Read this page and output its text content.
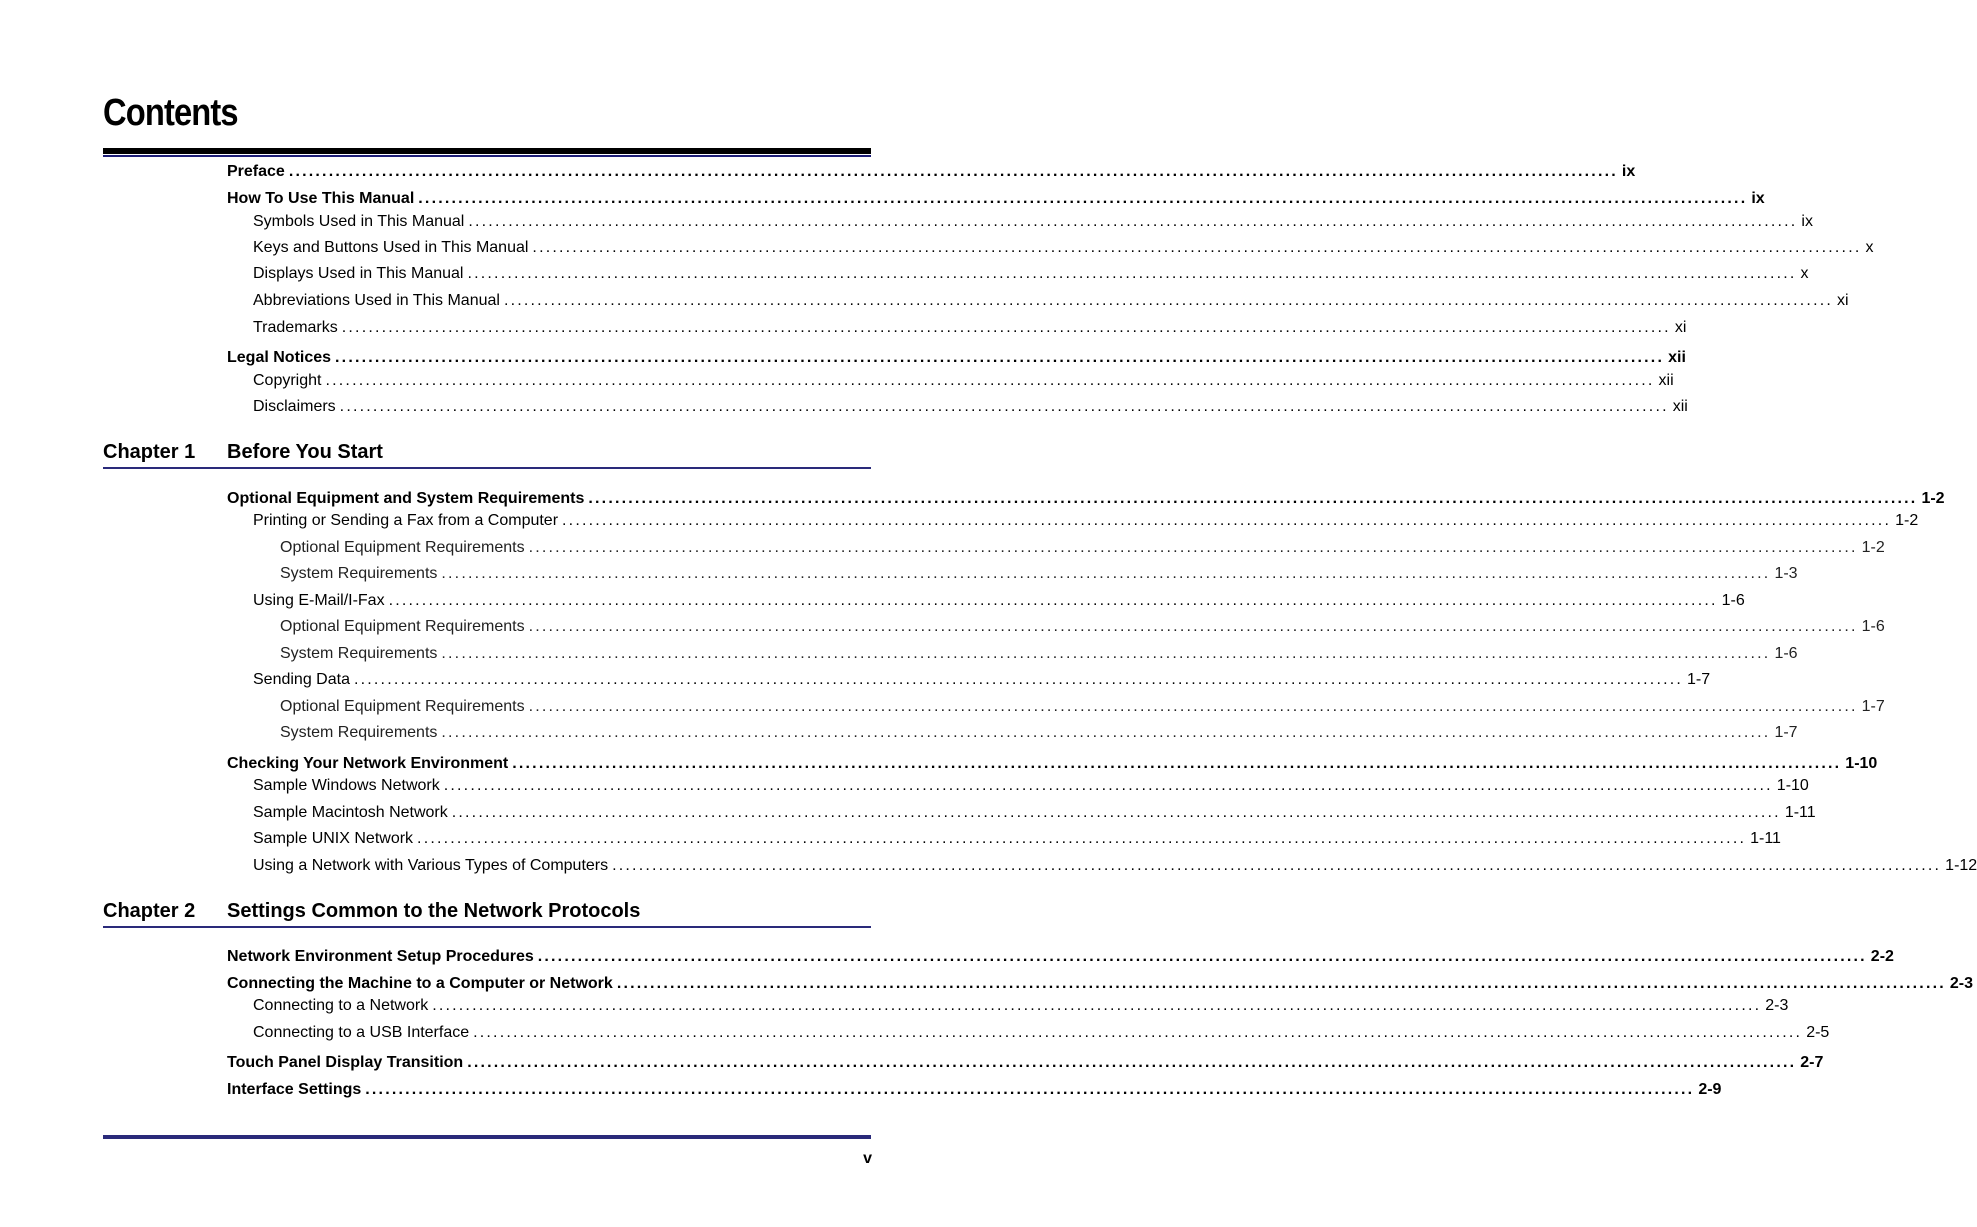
Contents
Preface ........................................................................................................................................................................................................ ix
How To Use This Manual ........................................................................................................................................................................................................ ix
Symbols Used in This Manual ........................................................................................................................................................................................................ ix
Keys and Buttons Used in This Manual ........................................................................................................................................................................................................ x
Displays Used in This Manual ........................................................................................................................................................................................................ x
Abbreviations Used in This Manual ........................................................................................................................................................................................................ xi
Trademarks ........................................................................................................................................................................................................ xi
Legal Notices ........................................................................................................................................................................................................ xii
Copyright ........................................................................................................................................................................................................ xii
Disclaimers ........................................................................................................................................................................................................ xii
Chapter 1 Before You Start
Optional Equipment and System Requirements ........................................................................................................................................................................................................ 1-2
Printing or Sending a Fax from a Computer ........................................................................................................................................................................................................ 1-2
Optional Equipment Requirements ........................................................................................................................................................................................................ 1-2
System Requirements ........................................................................................................................................................................................................ 1-3
Using E-Mail/I-Fax ........................................................................................................................................................................................................ 1-6
Optional Equipment Requirements ........................................................................................................................................................................................................ 1-6
System Requirements ........................................................................................................................................................................................................ 1-6
Sending Data ........................................................................................................................................................................................................ 1-7
Optional Equipment Requirements ........................................................................................................................................................................................................ 1-7
System Requirements ........................................................................................................................................................................................................ 1-7
Checking Your Network Environment ........................................................................................................................................................................................................ 1-10
Sample Windows Network ........................................................................................................................................................................................................ 1-10
Sample Macintosh Network ........................................................................................................................................................................................................ 1-11
Sample UNIX Network ........................................................................................................................................................................................................ 1-11
Using a Network with Various Types of Computers ........................................................................................................................................................................................................ 1-12
Chapter 2 Settings Common to the Network Protocols
Network Environment Setup Procedures ........................................................................................................................................................................................................ 2-2
Connecting the Machine to a Computer or Network ........................................................................................................................................................................................................ 2-3
Connecting to a Network ........................................................................................................................................................................................................ 2-3
Connecting to a USB Interface ........................................................................................................................................................................................................ 2-5
Touch Panel Display Transition ........................................................................................................................................................................................................ 2-7
Interface Settings ........................................................................................................................................................................................................ 2-9
v
